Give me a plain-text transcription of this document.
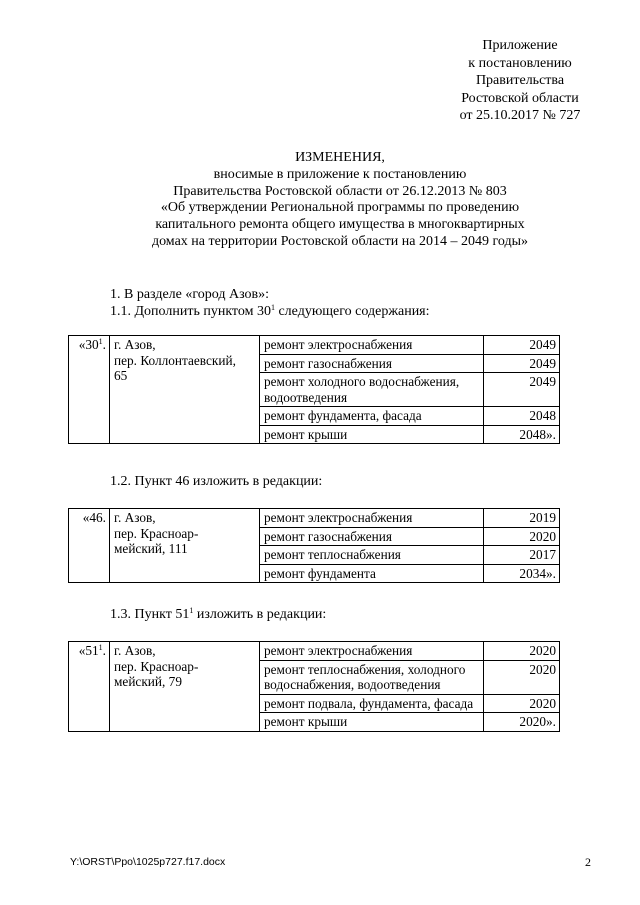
Приложение
к постановлению
Правительства
Ростовской области
от 25.10.2017 № 727
ИЗМЕНЕНИЯ,
вносимые в приложение к постановлению
Правительства Ростовской области от 26.12.2013 № 803
«Об утверждении Региональной программы по проведению
капитального ремонта общего имущества в многоквартирных
домах на территории Ростовской области на 2014 – 2049 годы»
1. В разделе «город Азов»:
1.1. Дополнить пунктом $30^1$ следующего содержания:
«$30^1$.	г. Азов,
пер. Коллонтаевский,
65	ремонт электроснабжения	2049
		ремонт газоснабжения	2049
		ремонт холодного водоснабжения, водоотведения	2049
		ремонт фундамента, фасада	2048
		ремонт крыши	2048».
1.2. Пункт 46 изложить в редакции:
«46.	г. Азов,
пер. Красноар-
мейский, 111	ремонт электроснабжения	2019
		ремонт газоснабжения	2020
		ремонт теплоснабжения	2017
		ремонт фундамента	2034».
1.3. Пункт $51^1$ изложить в редакции:
«$51^1$.	г. Азов,
пер. Красноар-
мейский, 79	ремонт электроснабжения	2020
		ремонт теплоснабжения, холодного водоснабжения, водоотведения	2020
		ремонт подвала, фундамента, фасада	2020
		ремонт крыши	2020».
Y:\ORST\Ppo\1025p727.f17.docx	2
